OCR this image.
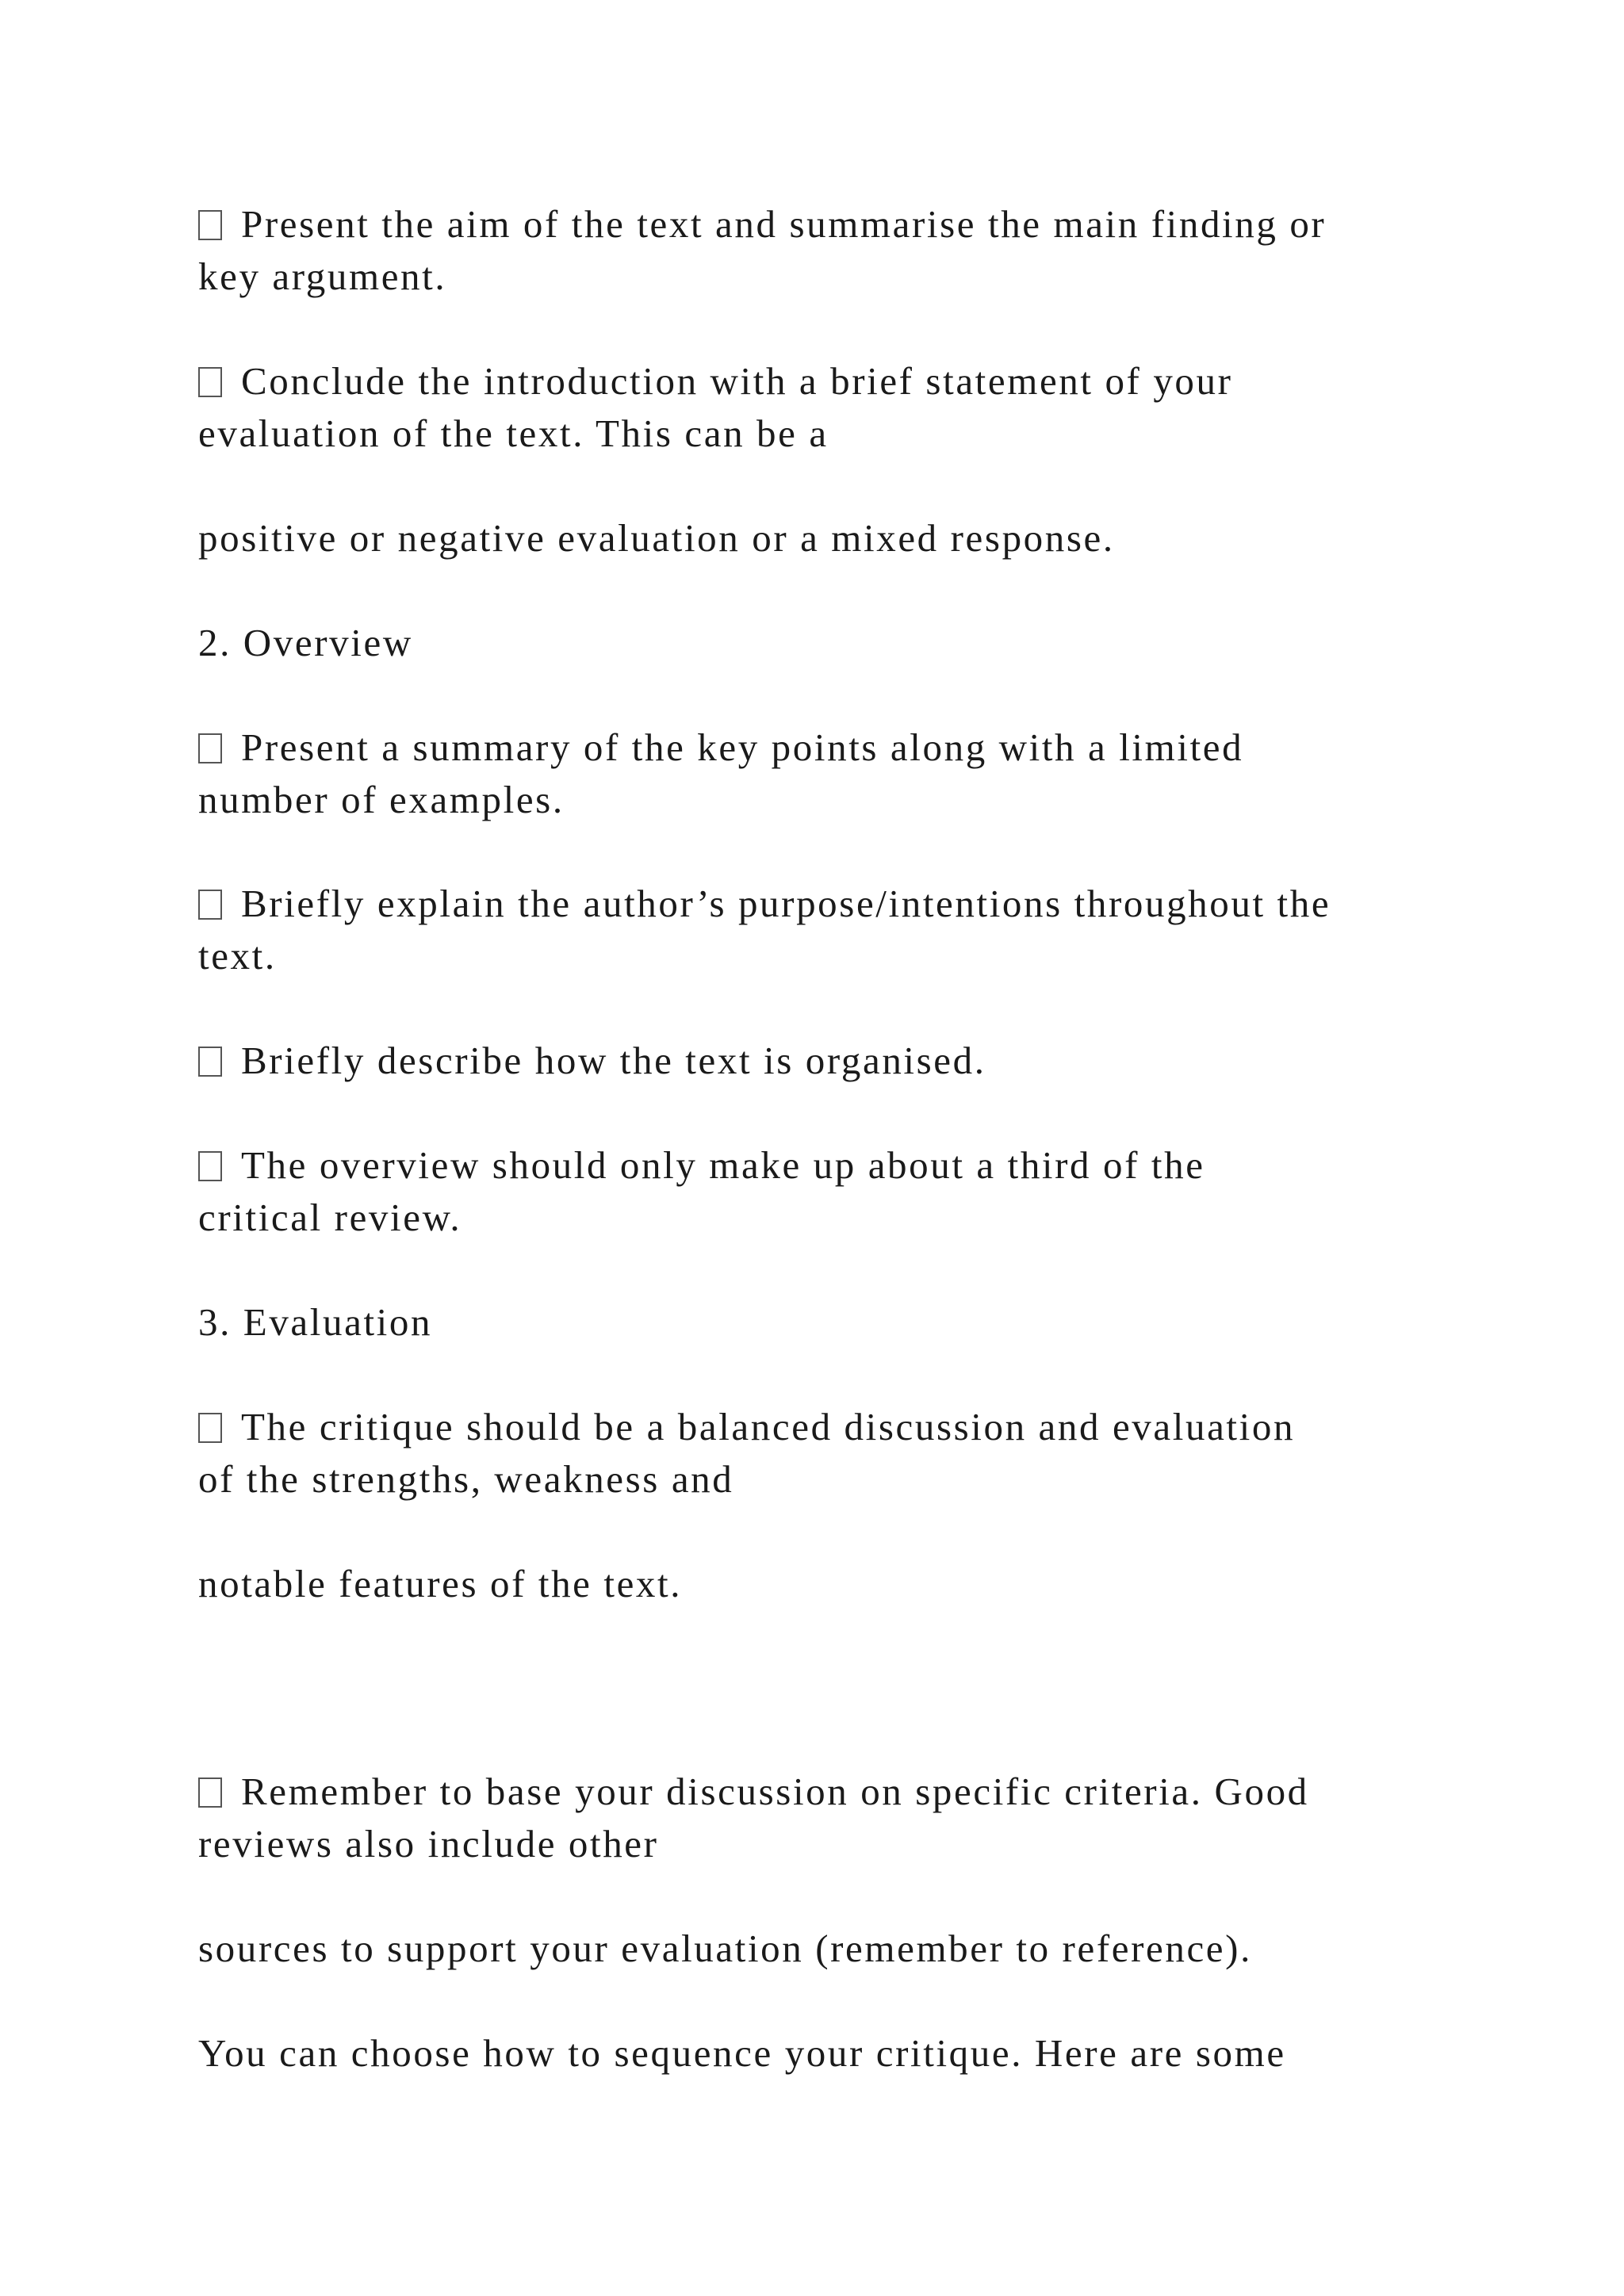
Present the aim of the text and summarise the main finding or
key argument.
Conclude the introduction with a brief statement of your
evaluation of the text. This can be a
positive or negative evaluation or a mixed response.
2. Overview
Present a summary of the key points along with a limited
number of examples.
Briefly explain the author’s purpose/intentions throughout the
text.
Briefly describe how the text is organised.
The overview should only make up about a third of the
critical review.
3. Evaluation
The critique should be a balanced discussion and evaluation
of the strengths, weakness and
notable features of the text.
Remember to base your discussion on specific criteria. Good
reviews also include other
sources to support your evaluation (remember to reference).
You can choose how to sequence your critique. Here are some
